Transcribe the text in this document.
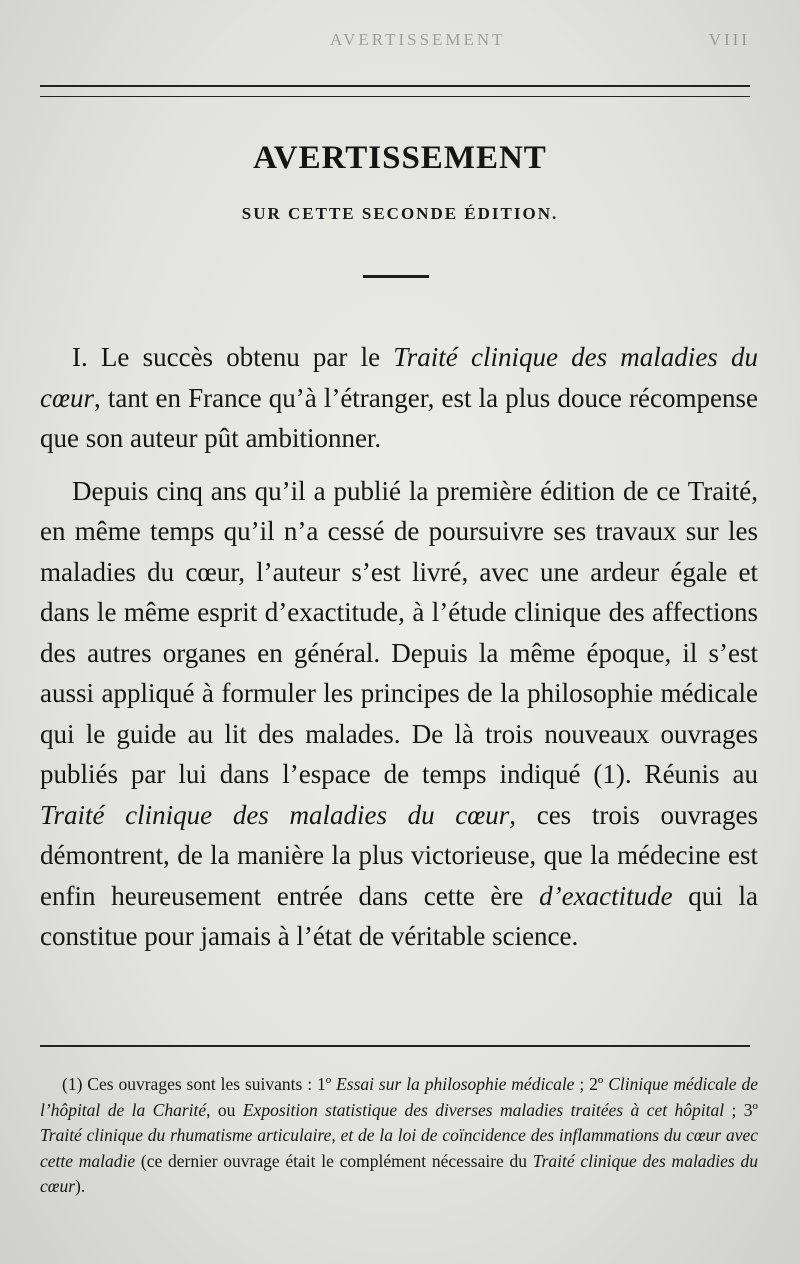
AVERTISSEMENT	VIII
AVERTISSEMENT
SUR CETTE SECONDE ÉDITION.

I. Le succès obtenu par le Traité clinique des maladies du cœur, tant en France qu’à l’étranger, est la plus douce récompense que son auteur pût ambitionner.

Depuis cinq ans qu’il a publié la première édition de ce Traité, en même temps qu’il n’a cessé de poursuivre ses travaux sur les maladies du cœur, l’auteur s’est livré, avec une ardeur égale et dans le même esprit d’exactitude, à l’étude clinique des affections des autres organes en général. Depuis la même époque, il s’est aussi appliqué à formuler les principes de la philosophie médicale qui le guide au lit des malades. De là trois nouveaux ouvrages publiés par lui dans l’espace de temps indiqué (1). Réunis au Traité clinique des maladies du cœur, ces trois ouvrages démontrent, de la manière la plus victorieuse, que la médecine est enfin heureusement entrée dans cette ère d’exactitude qui la constitue pour jamais à l’état de véritable science.

(1) Ces ouvrages sont les suivants : 1º Essai sur la philosophie médicale ; 2º Clinique médicale de l’hôpital de la Charité, ou Exposition statistique des diverses maladies traitées à cet hôpital ; 3º Traité clinique du rhumatisme articulaire, et de la loi de coïncidence des inflammations du cœur avec cette maladie (ce dernier ouvrage était le complément nécessaire du Traité clinique des maladies du cœur).
